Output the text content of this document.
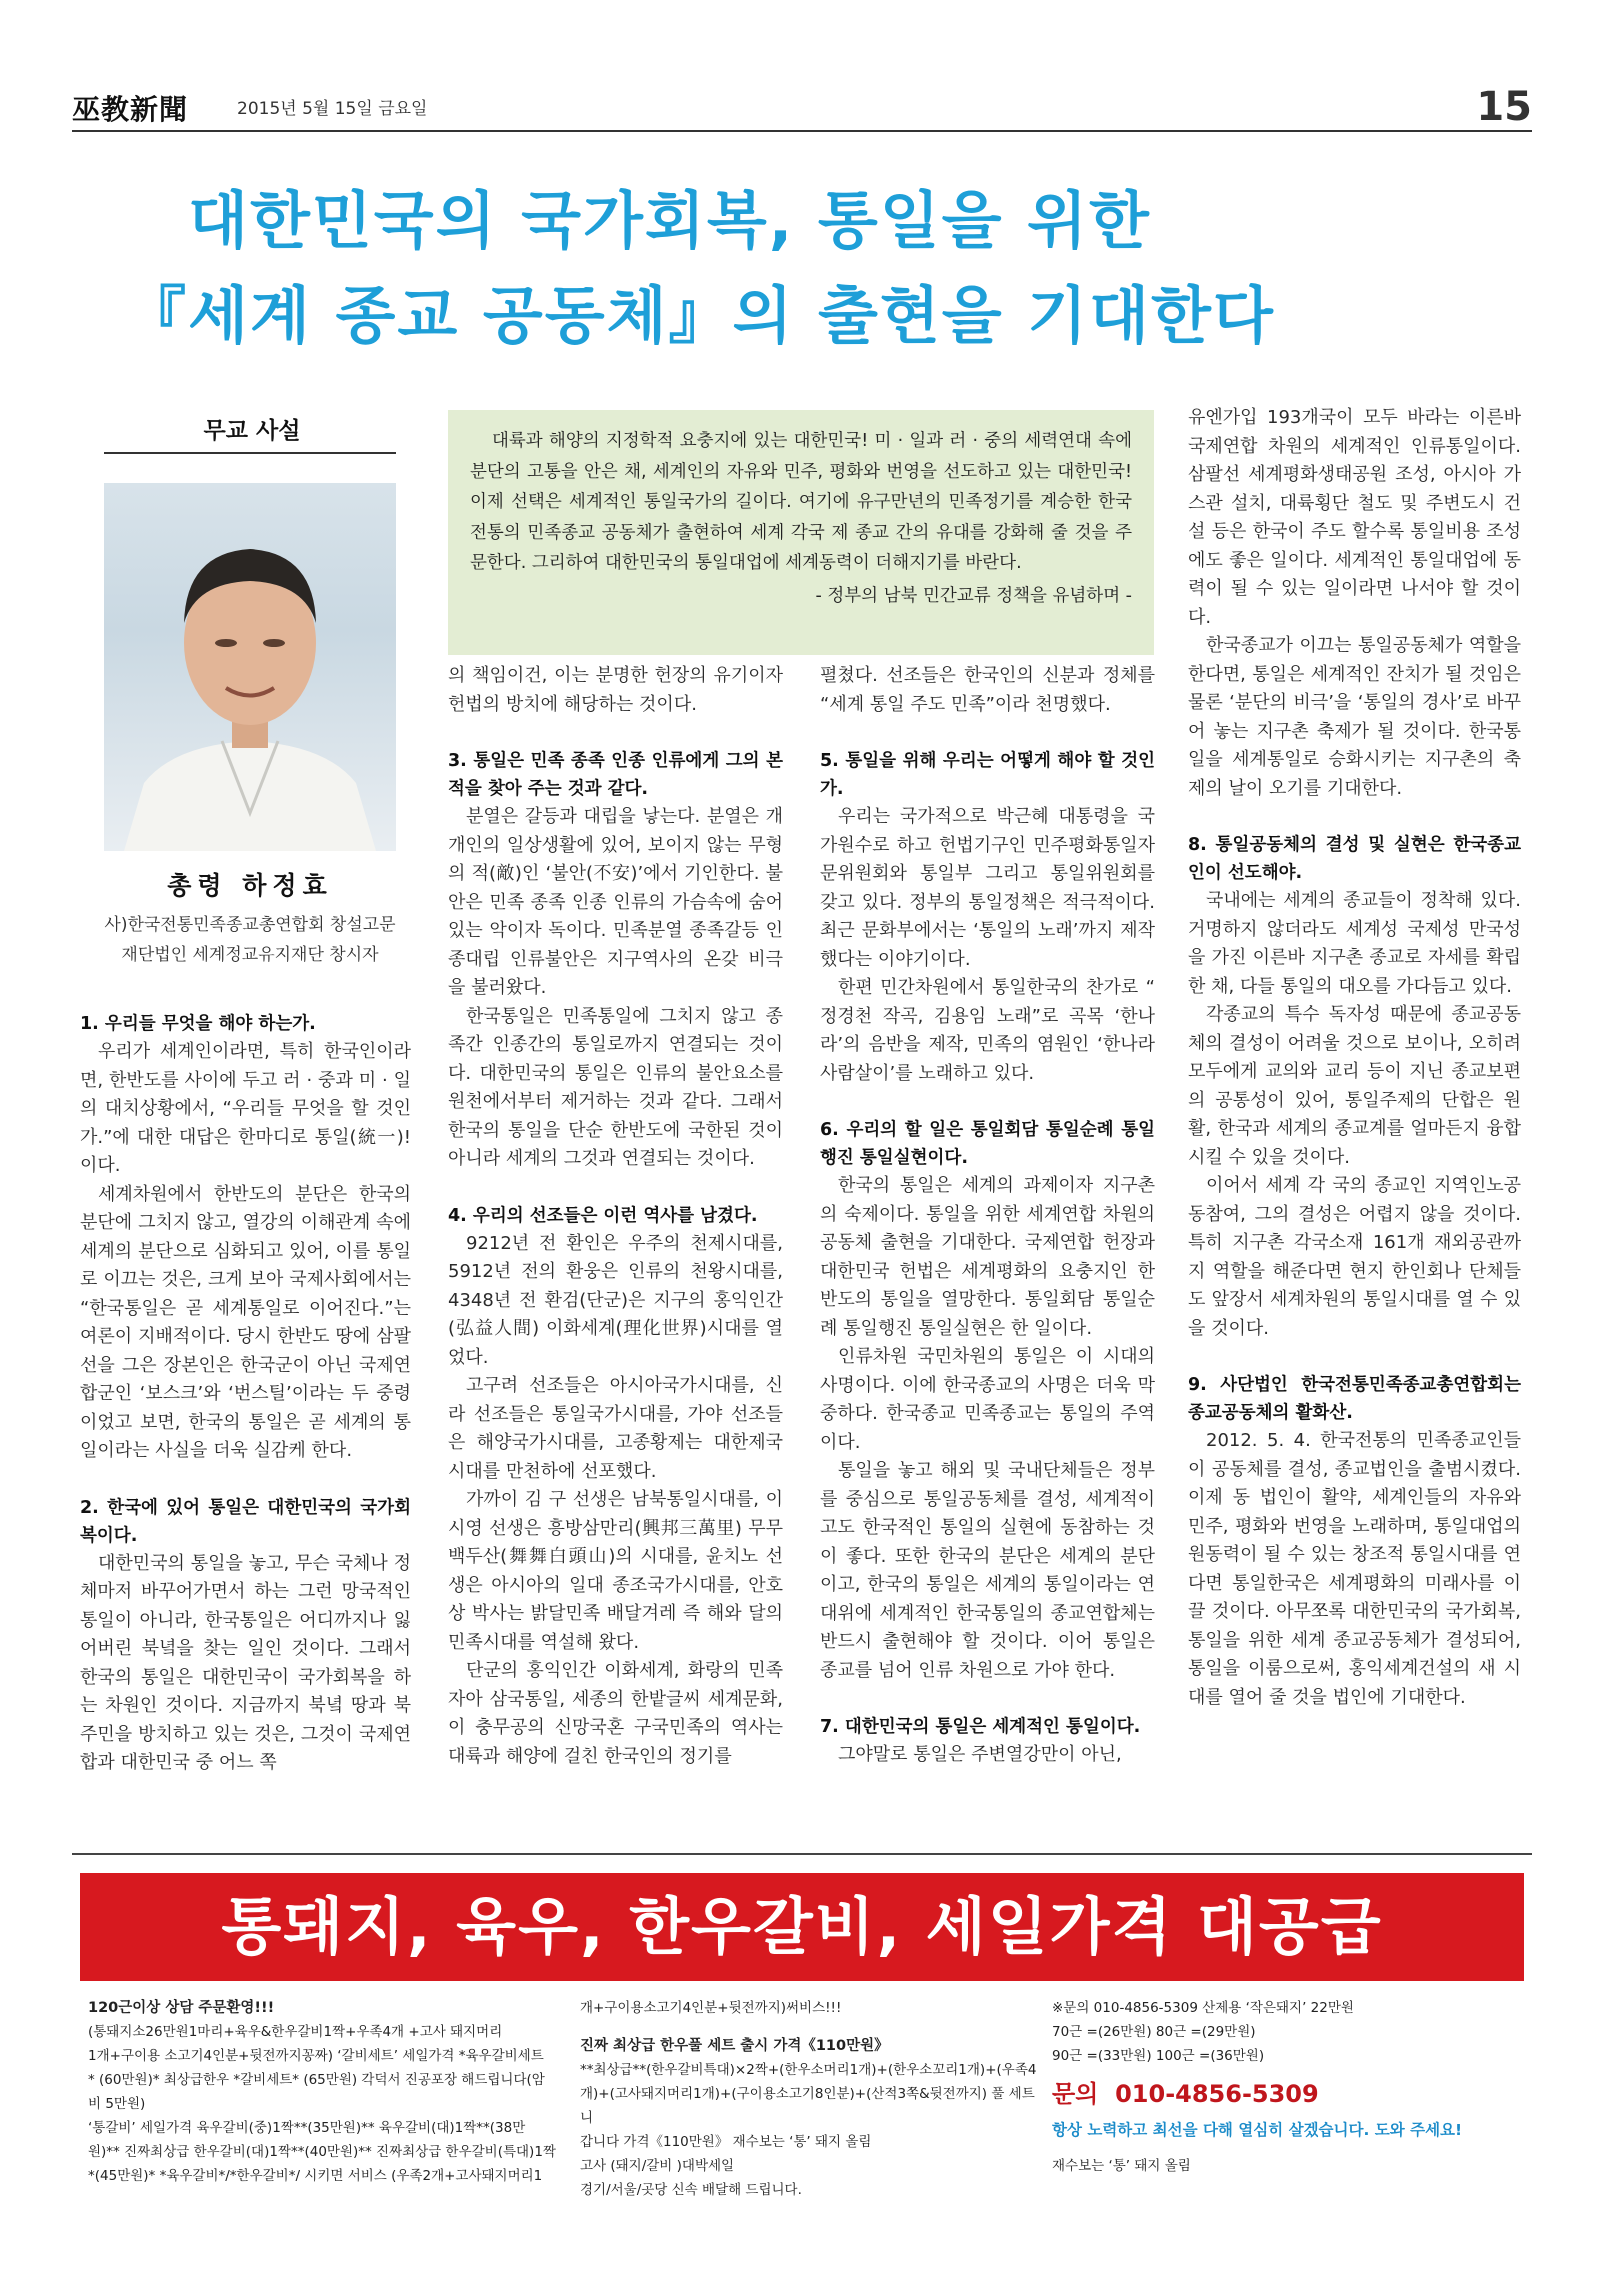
巫教新聞	2015년 5월 15일 금요일	15
대한민국의 국가회복, 통일을 위한
『세계 종교 공동체』의 출현을 기대한다
무교 사설
총령 하정효
사)한국전통민족종교총연합회 창설고문
재단법인 세계정교유지재단 창시자

대륙과 해양의 지정학적 요충지에 있는 대한민국! 미 · 일과 러 · 중의 세력연대 속에 분단의 고통을 안은 채, 세계인의 자유와 민주, 평화와 번영을 선도하고 있는 대한민국! 이제 선택은 세계적인 통일국가의 길이다. 여기에 유구만년의 민족정기를 계승한 한국 전통의 민족종교 공동체가 출현하여 세계 각국 제 종교 간의 유대를 강화해 줄 것을 주문한다. 그리하여 대한민국의 통일대업에 세계동력이 더해지기를 바란다.

- 정부의 남북 민간교류 정책을 유념하며 -

1. 우리들 무엇을 해야 하는가.

우리가 세계인이라면, 특히 한국인이라면, 한반도를 사이에 두고 러 · 중과 미 · 일의 대치상황에서, “우리들 무엇을 할 것인가.”에 대한 대답은 한마디로 통일(統一)!이다.

세계차원에서 한반도의 분단은 한국의 분단에 그치지 않고, 열강의 이해관계 속에 세계의 분단으로 심화되고 있어, 이를 통일로 이끄는 것은, 크게 보아 국제사회에서는 “한국통일은 곧 세계통일로 이어진다.”는 여론이 지배적이다. 당시 한반도 땅에 삼팔선을 그은 장본인은 한국군이 아닌 국제연합군인 ‘보스크’와 ‘번스틸’이라는 두 중령이었고 보면, 한국의 통일은 곧 세계의 통일이라는 사실을 더욱 실감케 한다.

2. 한국에 있어 통일은 대한민국의 국가회복이다.

대한민국의 통일을 놓고, 무슨 국체나 정체마저 바꾸어가면서 하는 그런 망국적인 통일이 아니라, 한국통일은 어디까지나 잃어버린 북녘을 찾는 일인 것이다. 그래서 한국의 통일은 대한민국이 국가회복을 하는 차원인 것이다. 지금까지 북녘 땅과 북 주민을 방치하고 있는 것은, 그것이 국제연합과 대한민국 중 어느 쪽

의 책임이건, 이는 분명한 헌장의 유기이자 헌법의 방치에 해당하는 것이다.

3. 통일은 민족 종족 인종 인류에게 그의 본적을 찾아 주는 것과 같다.

분열은 갈등과 대립을 낳는다. 분열은 개개인의 일상생활에 있어, 보이지 않는 무형의 적(敵)인 ‘불안(不安)’에서 기인한다. 불안은 민족 종족 인종 인류의 가슴속에 숨어있는 악이자 독이다. 민족분열 종족갈등 인종대립 인류불안은 지구역사의 온갖 비극을 불러왔다.

한국통일은 민족통일에 그치지 않고 종족간 인종간의 통일로까지 연결되는 것이다. 대한민국의 통일은 인류의 불안요소를 원천에서부터 제거하는 것과 같다. 그래서 한국의 통일을 단순 한반도에 국한된 것이 아니라 세계의 그것과 연결되는 것이다.

4. 우리의 선조들은 이런 역사를 남겼다.

9212년 전 환인은 우주의 천제시대를, 5912년 전의 환웅은 인류의 천왕시대를, 4348년 전 환검(단군)은 지구의 홍익인간(弘益人間) 이화세계(理化世界)시대를 열었다.

고구려 선조들은 아시아국가시대를, 신라 선조들은 통일국가시대를, 가야 선조들은 해양국가시대를, 고종황제는 대한제국시대를 만천하에 선포했다.

가까이 김 구 선생은 남북통일시대를, 이시영 선생은 흥방삼만리(興邦三萬里) 무무백두산(舞舞白頭山)의 시대를, 윤치노 선생은 아시아의 일대 종조국가시대를, 안호상 박사는 밝달민족 배달겨레 즉 해와 달의 민족시대를 역설해 왔다.

단군의 홍익인간 이화세계, 화랑의 민족자아 삼국통일, 세종의 한밭글씨 세계문화, 이 충무공의 신망국혼 구국민족의 역사는 대륙과 해양에 걸친 한국인의 정기를

펼쳤다. 선조들은 한국인의 신분과 정체를 “세계 통일 주도 민족”이라 천명했다.

5. 통일을 위해 우리는 어떻게 해야 할 것인가.

우리는 국가적으로 박근혜 대통령을 국가원수로 하고 헌법기구인 민주평화통일자문위원회와 통일부 그리고 통일위원회를 갖고 있다. 정부의 통일정책은 적극적이다. 최근 문화부에서는 ‘통일의 노래’까지 제작했다는 이야기이다.

한편 민간차원에서 통일한국의 찬가로 “ 정경천 작곡, 김용임 노래”로 곡목 ‘한나라’의 음반을 제작, 민족의 염원인 ‘한나라 사람살이’를 노래하고 있다.

6. 우리의 할 일은 통일회담 통일순례 통일행진 통일실현이다.

한국의 통일은 세계의 과제이자 지구촌의 숙제이다. 통일을 위한 세계연합 차원의 공동체 출현을 기대한다. 국제연합 헌장과 대한민국 헌법은 세계평화의 요충지인 한반도의 통일을 열망한다. 통일회담 통일순례 통일행진 통일실현은 한 일이다.

인류차원 국민차원의 통일은 이 시대의 사명이다. 이에 한국종교의 사명은 더욱 막중하다. 한국종교 민족종교는 통일의 주역이다.

통일을 놓고 해외 및 국내단체들은 정부를 중심으로 통일공동체를 결성, 세계적이고도 한국적인 통일의 실현에 동참하는 것이 좋다. 또한 한국의 분단은 세계의 분단이고, 한국의 통일은 세계의 통일이라는 연대위에 세계적인 한국통일의 종교연합체는 반드시 출현해야 할 것이다. 이어 통일은 종교를 넘어 인류 차원으로 가야 한다.

7. 대한민국의 통일은 세계적인 통일이다.

그야말로 통일은 주변열강만이 아닌,

유엔가입 193개국이 모두 바라는 이른바 국제연합 차원의 세계적인 인류통일이다. 삼팔선 세계평화생태공원 조성, 아시아 가스관 설치, 대륙횡단 철도 및 주변도시 건설 등은 한국이 주도 할수록 통일비용 조성에도 좋은 일이다. 세계적인 통일대업에 동력이 될 수 있는 일이라면 나서야 할 것이다.

한국종교가 이끄는 통일공동체가 역할을 한다면, 통일은 세계적인 잔치가 될 것임은 물론 ‘분단의 비극’을 ‘통일의 경사’로 바꾸어 놓는 지구촌 축제가 될 것이다. 한국통일을 세계통일로 승화시키는 지구촌의 축제의 날이 오기를 기대한다.

8. 통일공동체의 결성 및 실현은 한국종교인이 선도해야.

국내에는 세계의 종교들이 정착해 있다. 거명하지 않더라도 세계성 국제성 만국성을 가진 이른바 지구촌 종교로 자세를 확립한 채, 다들 통일의 대오를 가다듬고 있다.

각종교의 특수 독자성 때문에 종교공동체의 결성이 어려울 것으로 보이나, 오히려 모두에게 교의와 교리 등이 지닌 종교보편의 공통성이 있어, 통일주제의 단합은 원활, 한국과 세계의 종교계를 얼마든지 융합시킬 수 있을 것이다.

이어서 세계 각 국의 종교인 지역인노공동참여, 그의 결성은 어렵지 않을 것이다. 특히 지구촌 각국소재 161개 재외공관까지 역할을 해준다면 현지 한인회나 단체들도 앞장서 세계차원의 통일시대를 열 수 있을 것이다.

9. 사단법인 한국전통민족종교총연합회는 종교공동체의 활화산.

2012. 5. 4. 한국전통의 민족종교인들이 공동체를 결성, 종교법인을 출범시켰다. 이제 동 법인이 활약, 세계인들의 자유와 민주, 평화와 번영을 노래하며, 통일대업의 원동력이 될 수 있는 창조적 통일시대를 연다면 통일한국은 세계평화의 미래사를 이끌 것이다. 아무쪼록 대한민국의 국가회복, 통일을 위한 세계 종교공동체가 결성되어, 통일을 이룸으로써, 홍익세계건설의 새 시대를 열어 줄 것을 법인에 기대한다.

통돼지, 육우, 한우갈비, 세일가격 대공급
120근이상 상담 주문환영!!!
(통돼지소26만원1마리+육우&한우갈비1짝+우족4개 +고사 돼지머리
1개+구이용 소고기4인분+뒷전까지꽁짜) ‘갈비세트’ 세일가격 *육우갈비세트
* (60만원)* 최상급한우 *갈비세트* (65만원) 각덕서 진공포장 해드립니다(암
비 5만원)
‘통갈비’ 세일가격 육우갈비(중)1짝**(35만원)** 육우갈비(대)1짝**(38만
원)** 진짜최상급 한우갈비(대)1짝**(40만원)** 진짜최상급 한우갈비(특대)1짝
*(45만원)* *육우갈비*/*한우갈비*/ 시키면 서비스 (우족2개+고사돼지머리1
개+구이용소고기4인분+뒷전까지)써비스!!!
진짜 최상급 한우풀 세트 출시 가격《110만원》
**최상급**(한우갈비특대)×2짝+(한우소머리1개)+(한우소꼬리1개)+(우족4
개)+(고사돼지머리1개)+(구이용소고기8인분)+(산적3쪽&뒷전까지) 풀 세트 니
갑니다 가격《110만원》 재수보는 ‘통’ 돼지 올림
고사 (돼지/갈비 )대박세일
경기/서울/곳당 신속 배달해 드립니다.
※문의 010-4856-5309 산제용 ‘작은돼지’ 22만원
70근 =(26만원) 80근 =(29만원)
90근 =(33만원) 100근 =(36만원)
문의 010-4856-5309
항상 노력하고 최선을 다해 열심히 살겠습니다. 도와 주세요!
재수보는 ‘통’ 돼지 올림
